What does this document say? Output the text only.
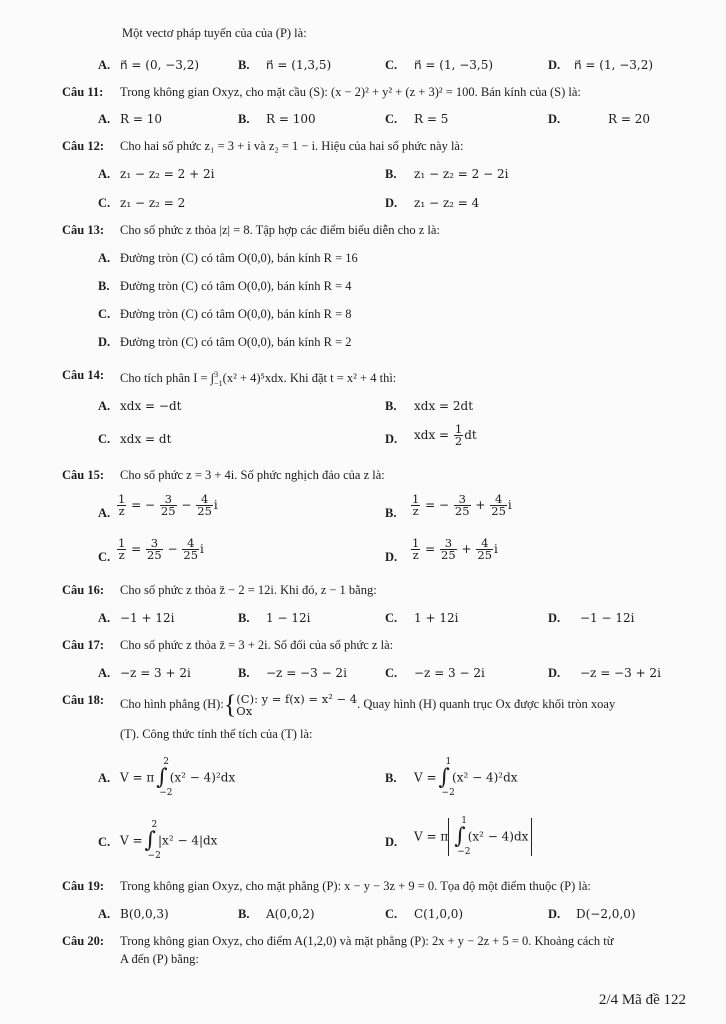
Một vectơ pháp tuyến của của (P) là:
A. n⃗ = (0, −3,2)	B. n⃗ = (1,3,5)	C. n⃗ = (1, −3,5)	D. n⃗ = (1, −3,2)
Câu 11: Trong không gian Oxyz, cho mặt cầu (S): (x − 2)² + y² + (z + 3)² = 100. Bán kính của (S) là:
A. R = 10	B. R = 100	C. R = 5	D.	R = 20
Câu 12: Cho hai số phức z₁ = 3 + i và z₂ = 1 − i. Hiệu của hai số phức này là:
A. z₁ − z₂ = 2 + 2i	B. z₁ − z₂ = 2 − 2i
C. z₁ − z₂ = 2	D. z₁ − z₂ = 4
Câu 13: Cho số phức z thỏa |z| = 8. Tập hợp các điểm biểu diễn cho z là:
A. Đường tròn (C) có tâm O(0,0), bán kính R = 16
B. Đường tròn (C) có tâm O(0,0), bán kính R = 4
C. Đường tròn (C) có tâm O(0,0), bán kính R = 8
D. Đường tròn (C) có tâm O(0,0), bán kính R = 2
Câu 14: Cho tích phân I = ∫$^3_{-1}$(x² + 4)⁵xdx. Khi đặt t = x² + 4 thì:
A. xdx = −dt	B. xdx = 2dt
C. xdx = dt	D. xdx = $\frac{1}{2}$ dt
Câu 15: Cho số phức z = 3 + 4i. Số phức nghịch đảo của z là:
A. $\frac{1}{z}$ = − $\frac{3}{25} - \frac{4}{25}$ i
B. $\frac{1}{z}$ = − $\frac{3}{25} + \frac{4}{25}$ i
C. $\frac{1}{z} = \frac{3}{25} - \frac{4}{25}$ i
D. $\frac{1}{z} = \frac{3}{25} + \frac{4}{25}$ i
Câu 16: Cho số phức z thỏa z̄ − 2 = 12i. Khi đó, z − 1 bằng:
A. −1 + 12i	B. 1 − 12i	C. 1 + 12i	D. −1 − 12i
Câu 17: Cho số phức z thỏa z̄ = 3 + 2i. Số đối của số phức z là:
A. −z = 3 + 2i	B. −z = −3 − 2i	C. −z = 3 − 2i	D. −z = −3 + 2i
Câu 18: Cho hình phẳng (H):{ (C): y = f(x) = x² − 4
Ox
. Quay hình (H) quanh trục Ox được khối tròn xoay
(T). Công thức tính thể tích của (T) là:
A. V = π∫
2
−2
(x² − 4)²dx	B. V =∫
1
−2
(x² − 4)²dx
C. V =∫
2
−2
|x² − 4|dx	D. V = π ∫
1
−2
(x² − 4)dx
Câu 19: Trong không gian Oxyz, cho mặt phẳng (P): x − y − 3z + 9 = 0. Tọa độ một điểm thuộc (P) là:
A. B(0,0,3)	B. A(0,0,2)	C. C(1,0,0)	D. D(−2,0,0)
Câu 20: Trong không gian Oxyz, cho điểm A(1,2,0) và mặt phẳng (P): 2x + y − 2z + 5 = 0. Khoảng cách từ
A đến (P) bằng:
2/4 Mã đề 122
